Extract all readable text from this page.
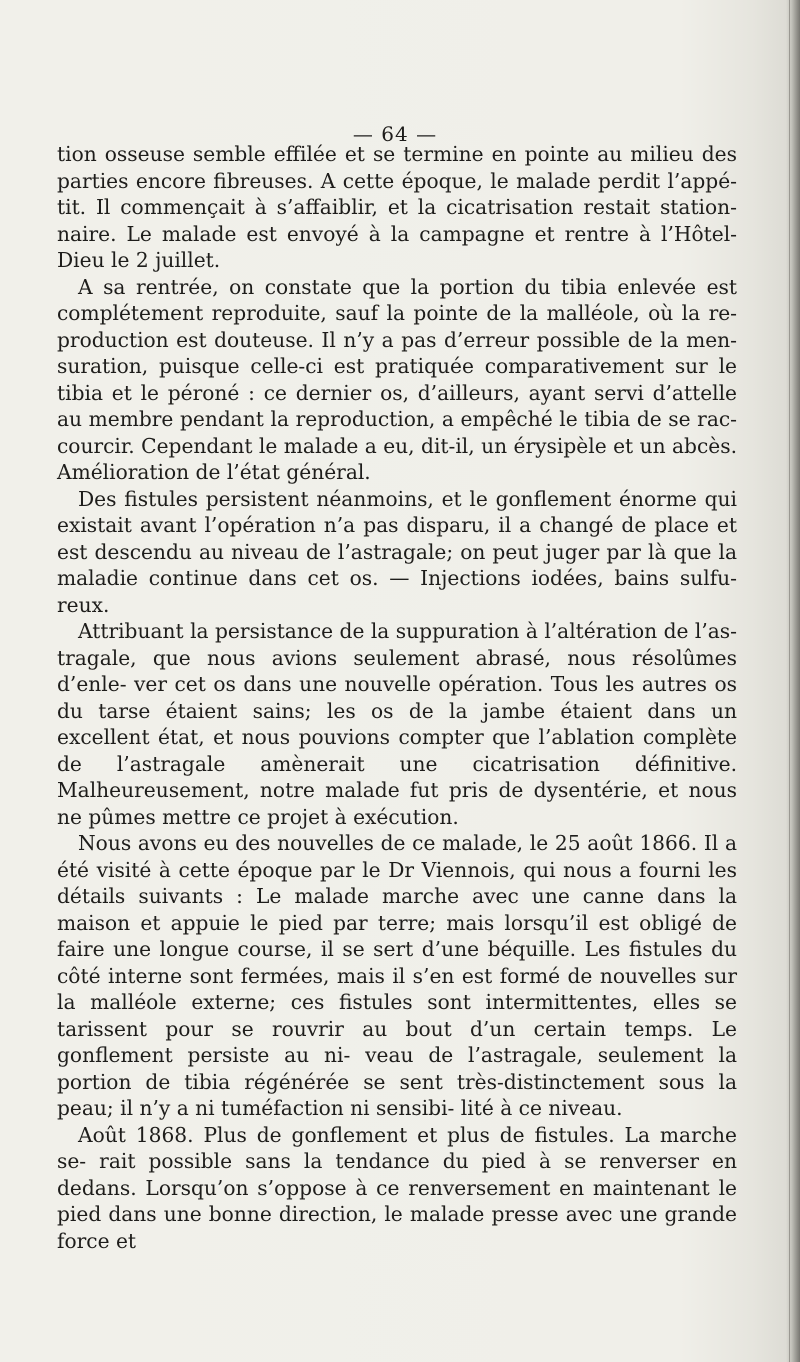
— 64 —

tion osseuse semble effilée et se termine en pointe au milieu des parties encore fibreuses. A cette époque, le malade perdit l’appé- tit. Il commençait à s’affaiblir, et la cicatrisation restait station- naire. Le malade est envoyé à la campagne et rentre à l’Hôtel-Dieu le 2 juillet.

A sa rentrée, on constate que la portion du tibia enlevée est complétement reproduite, sauf la pointe de la malléole, où la re- production est douteuse. Il n’y a pas d’erreur possible de la men- suration, puisque celle-ci est pratiquée comparativement sur le tibia et le péroné : ce dernier os, d’ailleurs, ayant servi d’attelle au membre pendant la reproduction, a empêché le tibia de se rac- courcir. Cependant le malade a eu, dit-il, un érysipèle et un abcès. Amélioration de l’état général.

Des fistules persistent néanmoins, et le gonflement énorme qui existait avant l’opération n’a pas disparu, il a changé de place et est descendu au niveau de l’astragale; on peut juger par là que la maladie continue dans cet os. — Injections iodées, bains sulfu- reux.

Attribuant la persistance de la suppuration à l’altération de l’as- tragale, que nous avions seulement abrasé, nous résolûmes d’enle- ver cet os dans une nouvelle opération. Tous les autres os du tarse étaient sains; les os de la jambe étaient dans un excellent état, et nous pouvions compter que l’ablation complète de l’astragale amènerait une cicatrisation définitive. Malheureusement, notre malade fut pris de dysentérie, et nous ne pûmes mettre ce projet à exécution.

Nous avons eu des nouvelles de ce malade, le 25 août 1866. Il a été visité à cette époque par le Dr Viennois, qui nous a fourni les détails suivants : Le malade marche avec une canne dans la maison et appuie le pied par terre; mais lorsqu’il est obligé de faire une longue course, il se sert d’une béquille. Les fistules du côté interne sont fermées, mais il s’en est formé de nouvelles sur la malléole externe; ces fistules sont intermittentes, elles se tarissent pour se rouvrir au bout d’un certain temps. Le gonflement persiste au ni- veau de l’astragale, seulement la portion de tibia régénérée se sent très-distinctement sous la peau; il n’y a ni tuméfaction ni sensibi- lité à ce niveau.

Août 1868. Plus de gonflement et plus de fistules. La marche se- rait possible sans la tendance du pied à se renverser en dedans. Lorsqu’on s’oppose à ce renversement en maintenant le pied dans une bonne direction, le malade presse avec une grande force et
